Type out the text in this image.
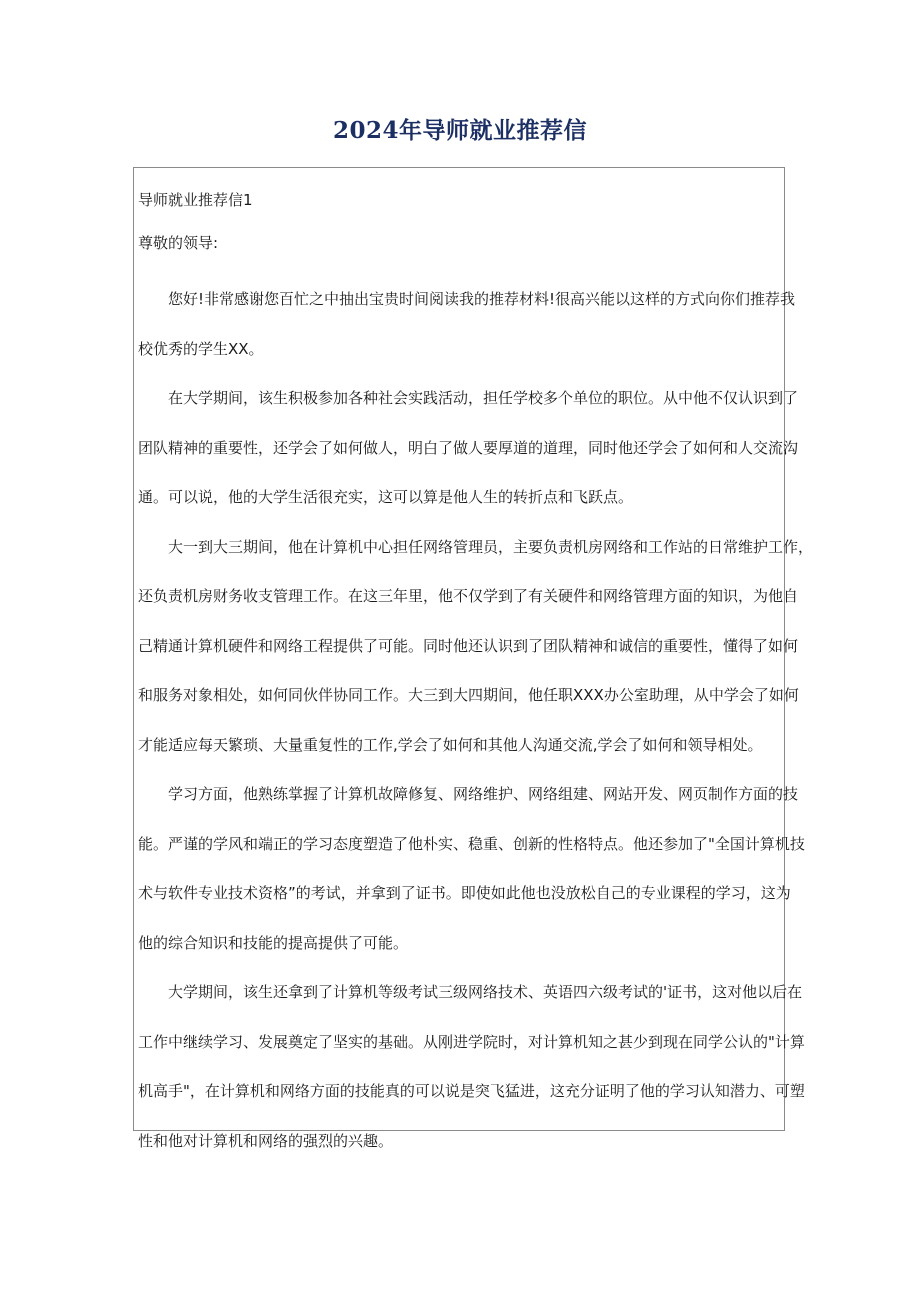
2024年导师就业推荐信

导师就业推荐信1

尊敬的领导:

您好!非常感谢您百忙之中抽出宝贵时间阅读我的推荐材料!很高兴能以这样的方式向你们推荐我

校优秀的学生XX。

在大学期间，该生积极参加各种社会实践活动，担任学校多个单位的职位。从中他不仅认识到了

团队精神的重要性，还学会了如何做人，明白了做人要厚道的道理，同时他还学会了如何和人交流沟

通。可以说，他的大学生活很充实，这可以算是他人生的转折点和飞跃点。

大一到大三期间，他在计算机中心担任网络管理员，主要负责机房网络和工作站的日常维护工作，

还负责机房财务收支管理工作。在这三年里，他不仅学到了有关硬件和网络管理方面的知识，为他自

己精通计算机硬件和网络工程提供了可能。同时他还认识到了团队精神和诚信的重要性，懂得了如何

和服务对象相处，如何同伙伴协同工作。大三到大四期间，他任职XXX办公室助理，从中学会了如何

才能适应每天繁琐、大量重复性的工作,学会了如何和其他人沟通交流,学会了如何和领导相处。

学习方面，他熟练掌握了计算机故障修复、网络维护、网络组建、网站开发、网页制作方面的技

能。严谨的学风和端正的学习态度塑造了他朴实、稳重、创新的性格特点。他还参加了"全国计算机技

术与软件专业技术资格”的考试，并拿到了证书。即使如此他也没放松自己的专业课程的学习，这为

他的综合知识和技能的提高提供了可能。

大学期间，该生还拿到了计算机等级考试三级网络技术、英语四六级考试的'证书，这对他以后在

工作中继续学习、发展奠定了坚实的基础。从刚进学院时，对计算机知之甚少到现在同学公认的"计算

机高手"，在计算机和网络方面的技能真的可以说是突飞猛进，这充分证明了他的学习认知潜力、可塑

性和他对计算机和网络的强烈的兴趣。
